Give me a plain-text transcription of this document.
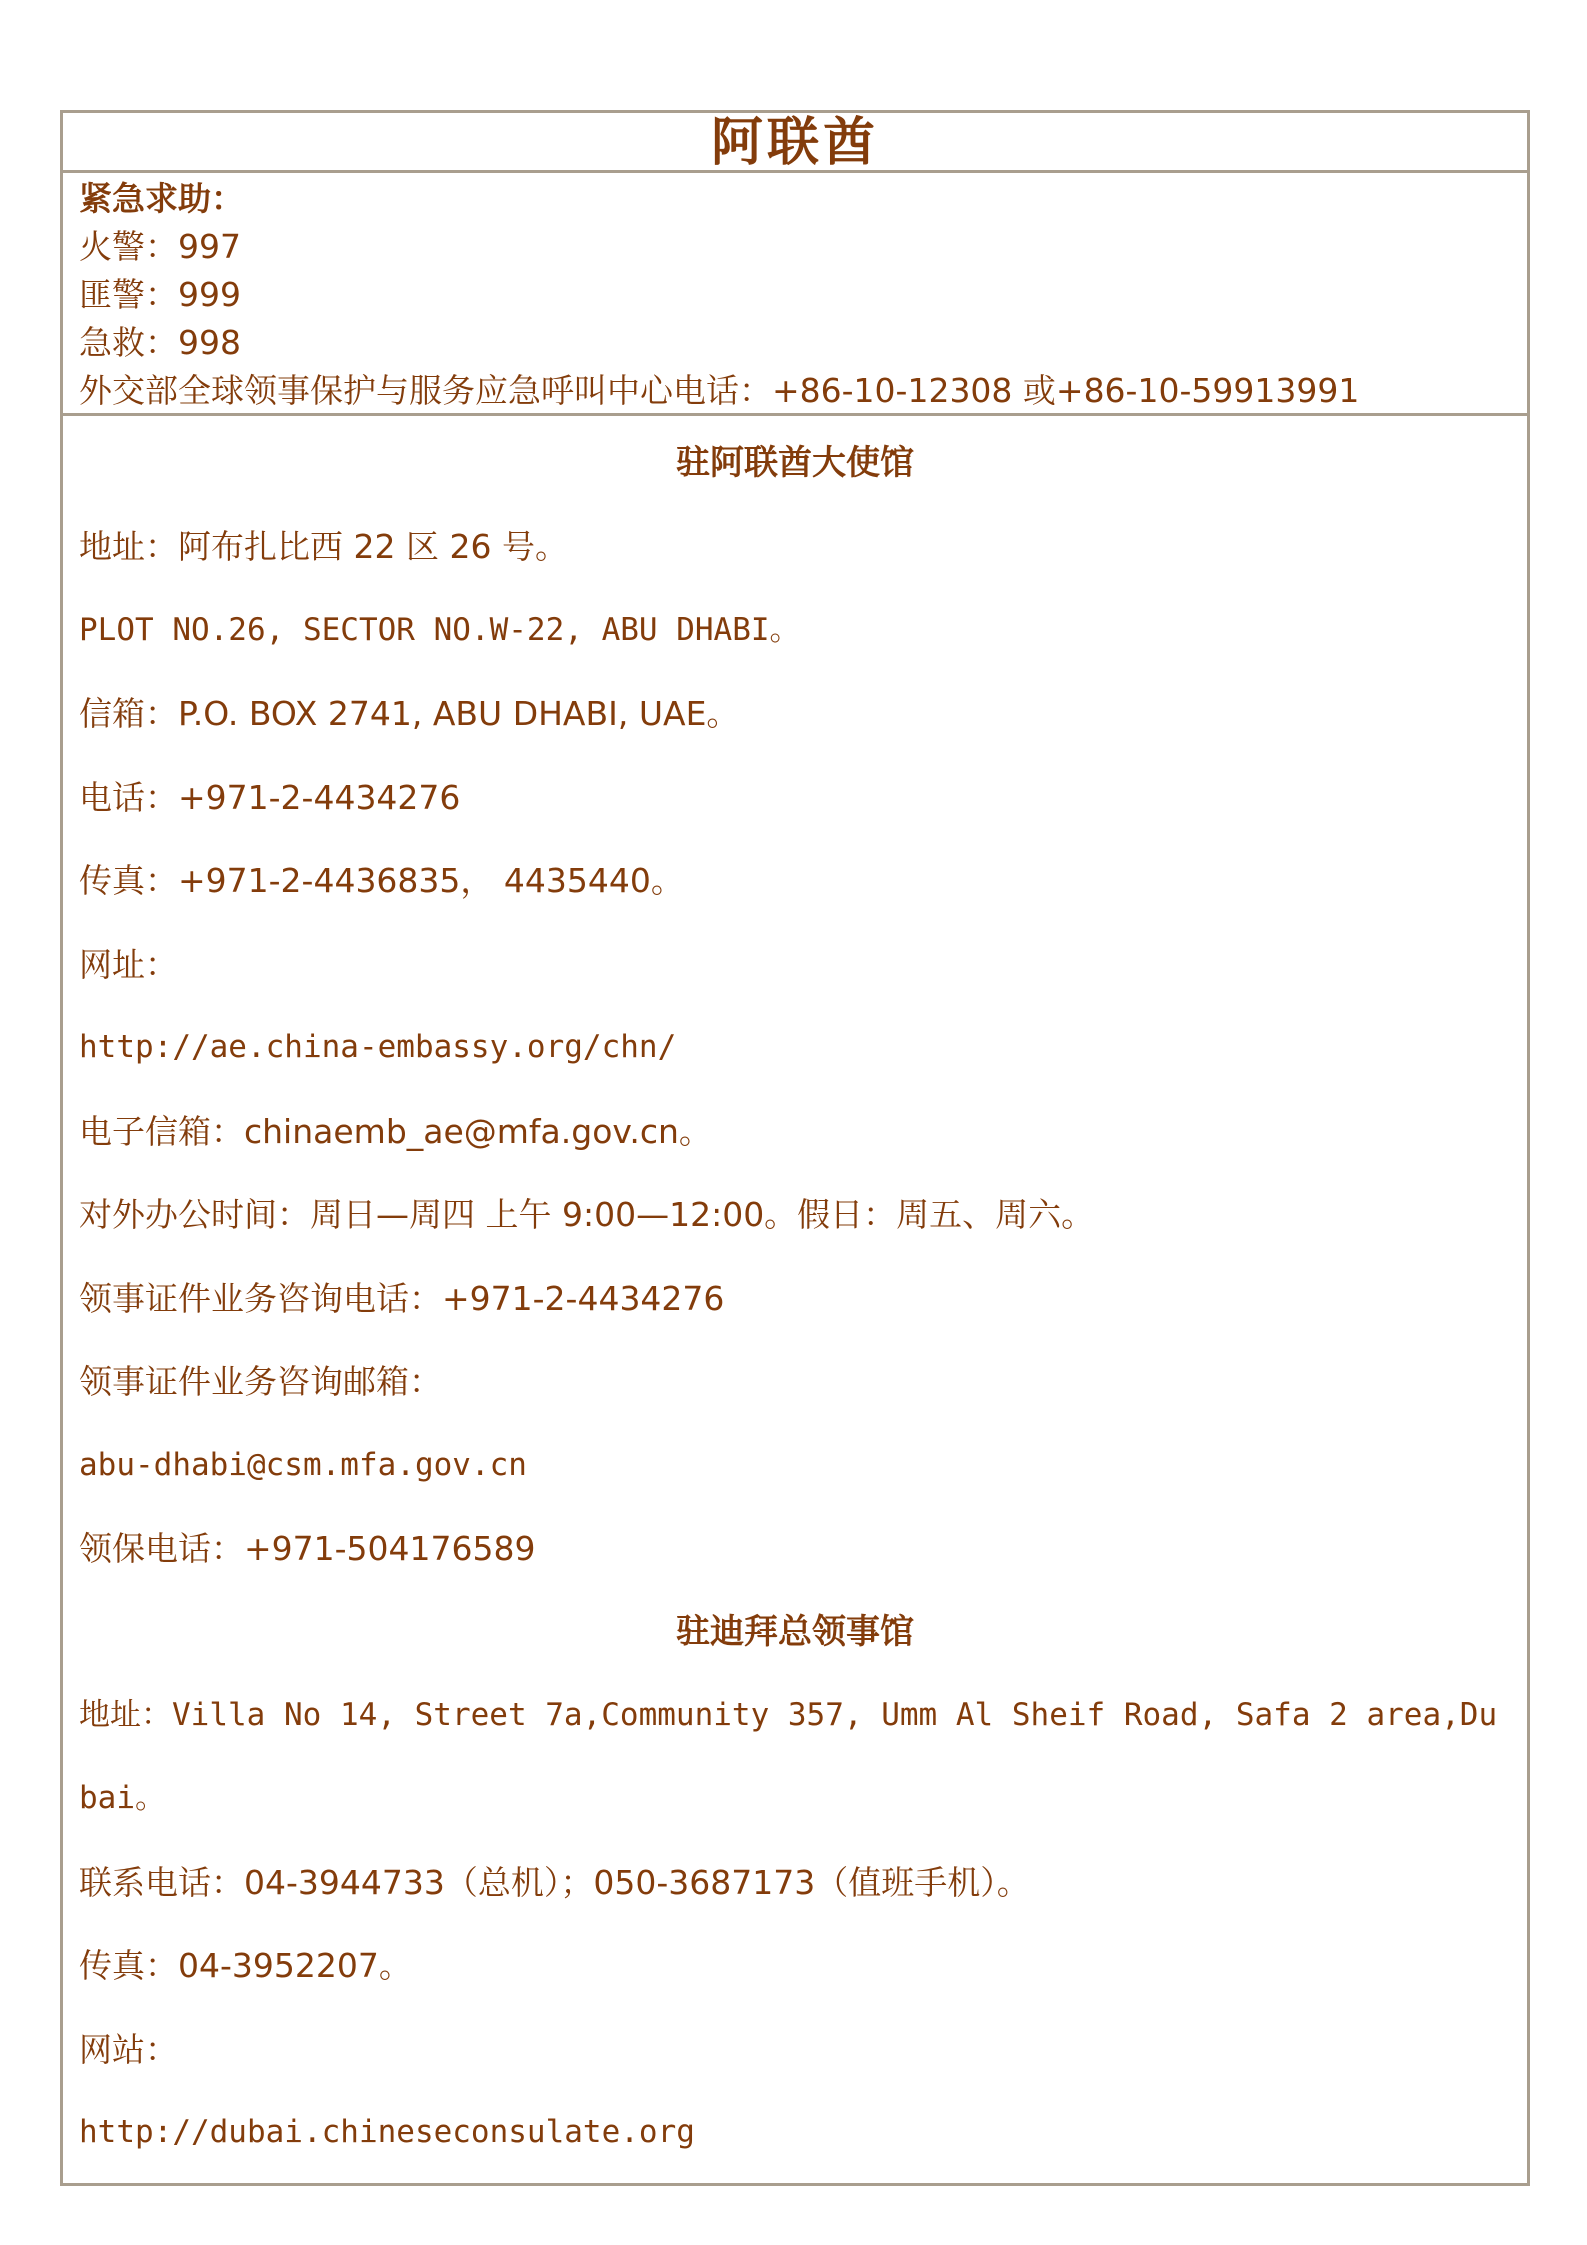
阿联酋
紧急求助：
火警：997
匪警：999
急救：998
外交部全球领事保护与服务应急呼叫中心电话：+86-10-12308 或+86-10-59913991
驻阿联酋大使馆
地址：阿布扎比西 22 区 26 号。
PLOT NO.26, SECTOR NO.W-22, ABU DHABI。
信箱：P.O. BOX 2741, ABU DHABI, UAE。
电话：+971-2-4434276
传真：+971-2-4436835， 4435440。
网址：
http://ae.china-embassy.org/chn/
电子信箱：chinaemb_ae@mfa.gov.cn。
对外办公时间：周日—周四 上午 9:00—12:00。假日：周五、周六。
领事证件业务咨询电话：+971-2-4434276
领事证件业务咨询邮箱：
abu-dhabi@csm.mfa.gov.cn
领保电话：+971-504176589
驻迪拜总领事馆
地址：Villa No 14, Street 7a,Community 357, Umm Al Sheif Road, Safa 2 area,Du
bai。
联系电话：04-3944733（总机）；050-3687173（值班手机）。
传真：04-3952207。
网站：
http://dubai.chineseconsulate.org
